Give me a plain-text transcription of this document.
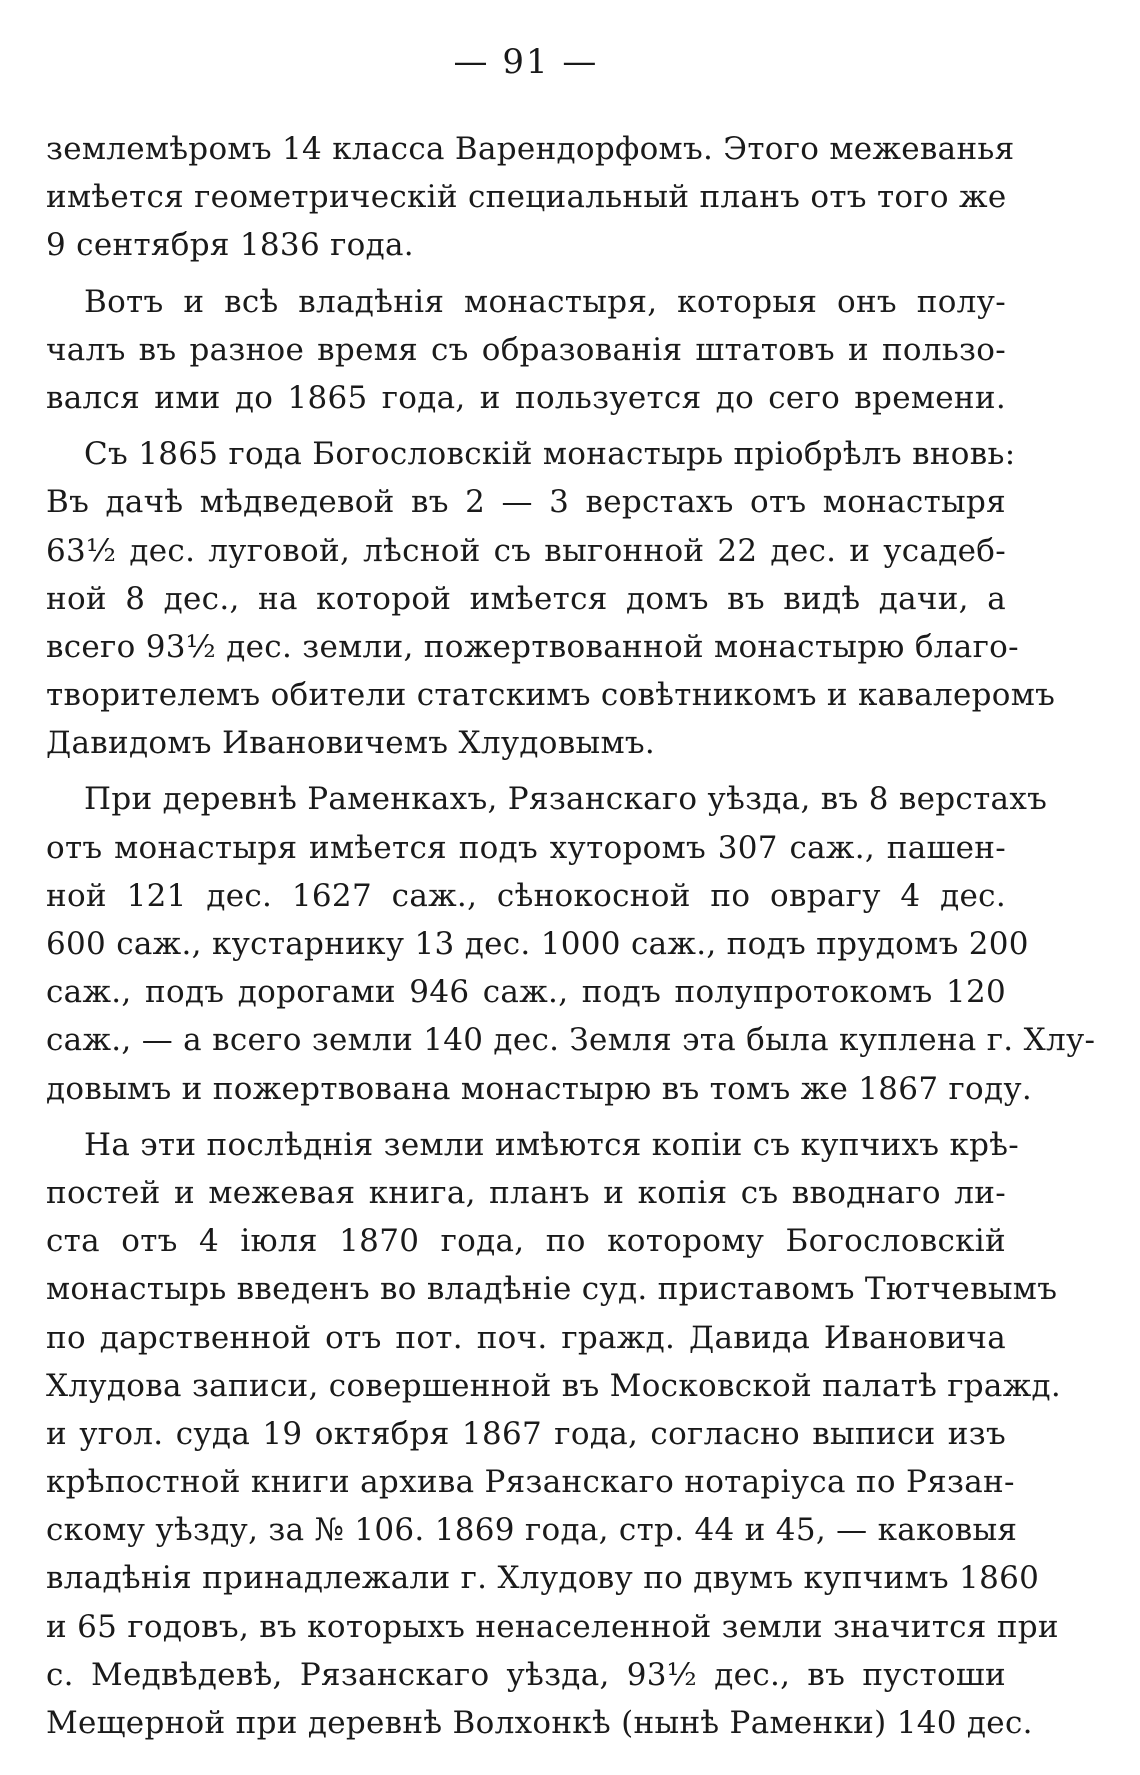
— 91 —
землемѣромъ 14 класса Варендорфомъ. Этого межеванья
имѣется геометрическій специальный планъ отъ того же
9 сентября 1836 года.
Вотъ и всѣ владѣнія монастыря, которыя онъ полу-
чалъ въ разное время съ образованія штатовъ и пользо-
вался ими до 1865 года, и пользуется до сего времени.
Съ 1865 года Богословскій монастырь пріобрѣлъ вновь:
Въ дачѣ мѣдведевой въ 2 — 3 верстахъ отъ монастыря
63½ дес. луговой, лѣсной съ выгонной 22 дес. и усадеб-
ной 8 дес., на которой имѣется домъ въ видѣ дачи, а
всего 93½ дес. земли, пожертвованной монастырю благо-
творителемъ обители статскимъ совѣтникомъ и кавалеромъ
Давидомъ Ивановичемъ Хлудовымъ.
При деревнѣ Раменкахъ, Рязанскаго уѣзда, въ 8 верстахъ
отъ монастыря имѣется подъ хуторомъ 307 саж., пашен-
ной 121 дес. 1627 саж., сѣнокосной по оврагу 4 дес.
600 саж., кустарнику 13 дес. 1000 саж., подъ прудомъ 200
саж., подъ дорогами 946 саж., подъ полупротокомъ 120
саж., — а всего земли 140 дес. Земля эта была куплена г. Хлу-
довымъ и пожертвована монастырю въ томъ же 1867 году.
На эти послѣднія земли имѣются копіи съ купчихъ крѣ-
постей и межевая книга, планъ и копія съ вводнаго ли-
ста отъ 4 іюля 1870 года, по которому Богословскій
монастырь введенъ во владѣніе суд. приставомъ Тютчевымъ
по дарственной отъ пот. поч. гражд. Давида Ивановича
Хлудова записи, совершенной въ Московской палатѣ гражд.
и угол. суда 19 октября 1867 года, согласно выписи изъ
крѣпостной книги архива Рязанскаго нотаріуса по Рязан-
скому уѣзду, за № 106. 1869 года, стр. 44 и 45, — каковыя
владѣнія принадлежали г. Хлудову по двумъ купчимъ 1860
и 65 годовъ, въ которыхъ ненаселенной земли значится при
с. Медвѣдевѣ, Рязанскаго уѣзда, 93½ дес., въ пустоши
Мещерной при деревнѣ Волхонкѣ (нынѣ Раменки) 140 дес.
